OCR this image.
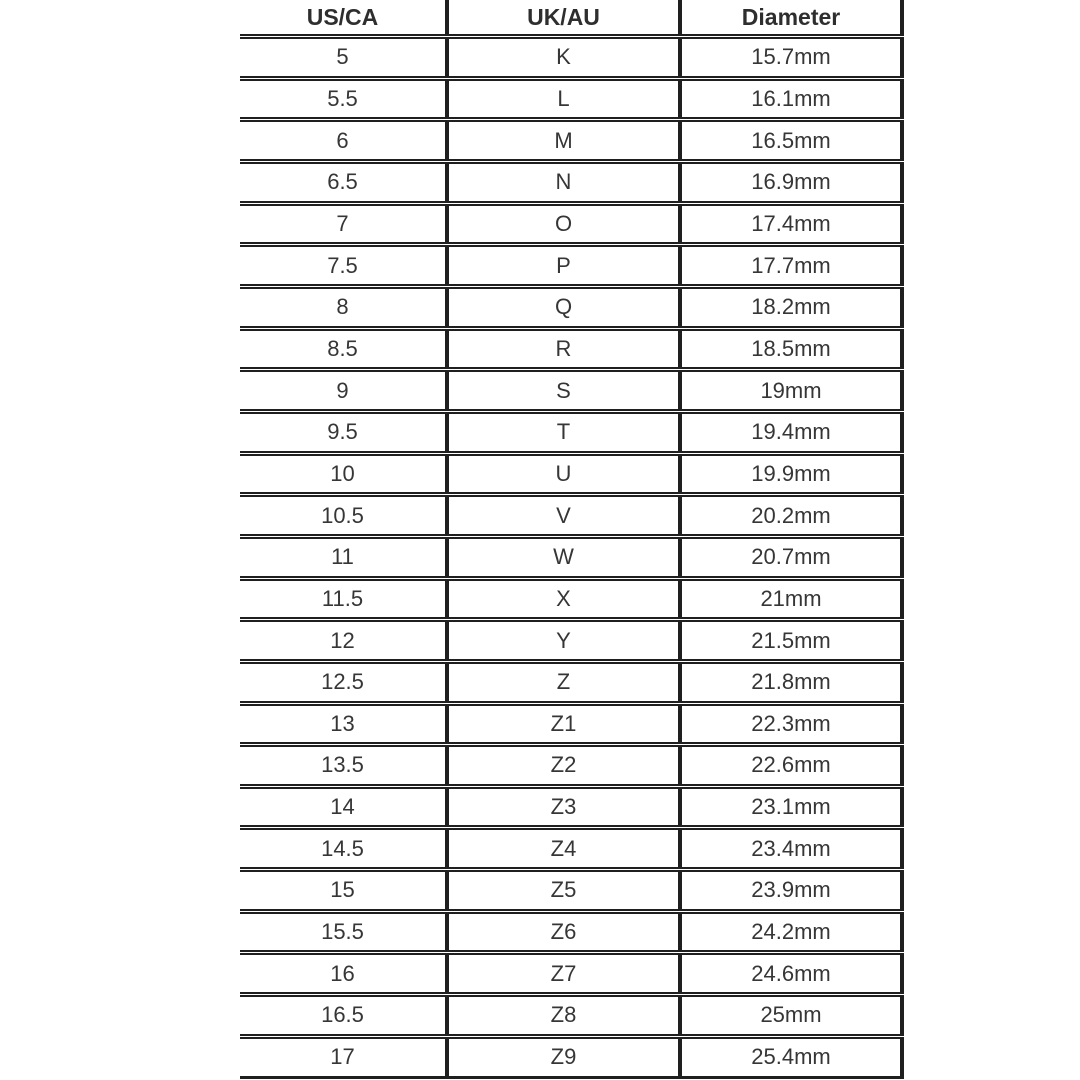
US/CA	UK/AU	Diameter
5	K	15.7mm
5.5	L	16.1mm
6	M	16.5mm
6.5	N	16.9mm
7	O	17.4mm
7.5	P	17.7mm
8	Q	18.2mm
8.5	R	18.5mm
9	S	19mm
9.5	T	19.4mm
10	U	19.9mm
10.5	V	20.2mm
11	W	20.7mm
11.5	X	21mm
12	Y	21.5mm
12.5	Z	21.8mm
13	Z1	22.3mm
13.5	Z2	22.6mm
14	Z3	23.1mm
14.5	Z4	23.4mm
15	Z5	23.9mm
15.5	Z6	24.2mm
16	Z7	24.6mm
16.5	Z8	25mm
17	Z9	25.4mm
